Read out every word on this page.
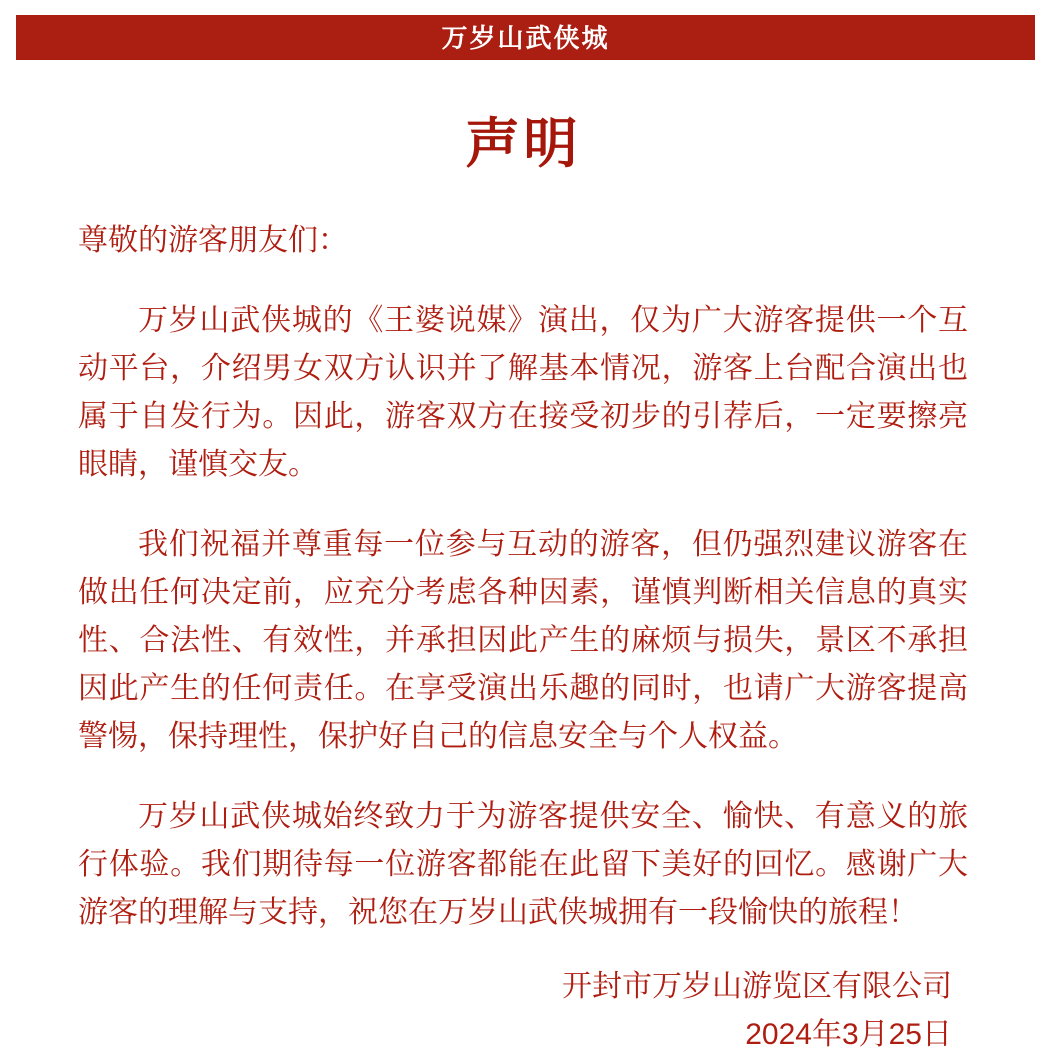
万岁山武侠城
声明

尊敬的游客朋友们：

万岁山武侠城的《王婆说媒》演出，仅为广大游客提供一个互动平台，介绍男女双方认识并了解基本情况，游客上台配合演出也属于自发行为。因此，游客双方在接受初步的引荐后，一定要擦亮眼睛，谨慎交友。

我们祝福并尊重每一位参与互动的游客，但仍强烈建议游客在做出任何决定前，应充分考虑各种因素，谨慎判断相关信息的真实性、合法性、有效性，并承担因此产生的麻烦与损失，景区不承担因此产生的任何责任。在享受演出乐趣的同时，也请广大游客提高警惕，保持理性，保护好自己的信息安全与个人权益。

万岁山武侠城始终致力于为游客提供安全、愉快、有意义的旅行体验。我们期待每一位游客都能在此留下美好的回忆。感谢广大游客的理解与支持，祝您在万岁山武侠城拥有一段愉快的旅程！

开封市万岁山游览区有限公司

2024年3月25日
